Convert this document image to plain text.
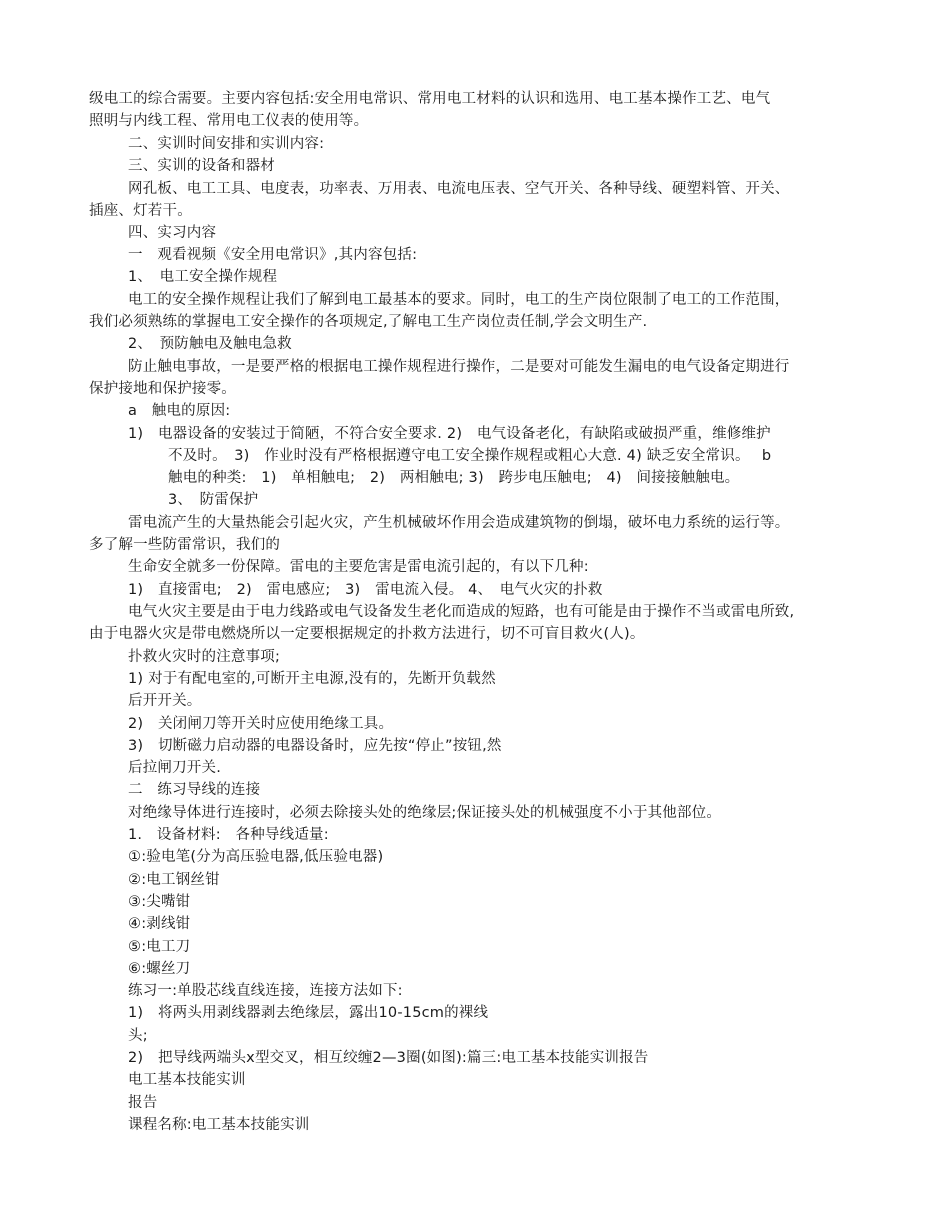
级电工的综合需要。主要内容包括:安全用电常识、常用电工材料的认识和选用、电工基本操作工艺、电气
照明与内线工程、常用电工仪表的使用等。
二、实训时间安排和实训内容:
三、实训的设备和器材
网孔板、电工工具、电度表，功率表、万用表、电流电压表、空气开关、各种导线、硬塑料管、开关、
插座、灯若干。
四、实习内容
一　观看视频《安全用电常识》,其内容包括:
1、　电工安全操作规程
电工的安全操作规程让我们了解到电工最基本的要求。同时，电工的生产岗位限制了电工的工作范围，
我们必须熟练的掌握电工安全操作的各项规定,了解电工生产岗位责任制,学会文明生产.
2、　预防触电及触电急救
防止触电事故，一是要严格的根据电工操作规程进行操作，二是要对可能发生漏电的电气设备定期进行
保护接地和保护接零。
a　触电的原因:
1)　电器设备的安装过于简陋，不符合安全要求. 2)　电气设备老化，有缺陷或破损严重，维修维护
不及时。　3)　作业时没有严格根据遵守电工安全操作规程或粗心大意. 4) 缺乏安全常识。　 b
触电的种类:　1)　单相触电;　2)　两相触电; 3)　跨步电压触电;　4)　间接接触触电。
3、　防雷保护
雷电流产生的大量热能会引起火灾，产生机械破坏作用会造成建筑物的倒塌，破坏电力系统的运行等。
多了解一些防雷常识，我们的
生命安全就多一份保障。雷电的主要危害是雷电流引起的，有以下几种:
1)　直接雷电;　2)　雷电感应;　3)　雷电流入侵。 4、　电气火灾的扑救
电气火灾主要是由于电力线路或电气设备发生老化而造成的短路，也有可能是由于操作不当或雷电所致,
由于电器火灾是带电燃烧所以一定要根据规定的扑救方法进行，切不可盲目救火(人)。
扑救火灾时的注意事项;
1) 对于有配电室的,可断开主电源,没有的，先断开负载然
后开开关。
2)　关闭闸刀等开关时应使用绝缘工具。
3)　切断磁力启动器的电器设备时，应先按“停止”按钮,然
后拉闸刀开关.
二　练习导线的连接
对绝缘导体进行连接时，必须去除接头处的绝缘层;保证接头处的机械强度不小于其他部位。
1.　设备材料:　各种导线适量:
①:验电笔(分为高压验电器,低压验电器)
②:电工钢丝钳
③:尖嘴钳
④:剥线钳
⑤:电工刀
⑥:螺丝刀
练习一:单股芯线直线连接，连接方法如下:
1)　将两头用剥线器剥去绝缘层，露出10-15cm的裸线
头;
2)　把导线两端头x型交叉，相互绞缠2—3圈(如图):篇三:电工基本技能实训报告
电工基本技能实训
报告
课程名称:电工基本技能实训
